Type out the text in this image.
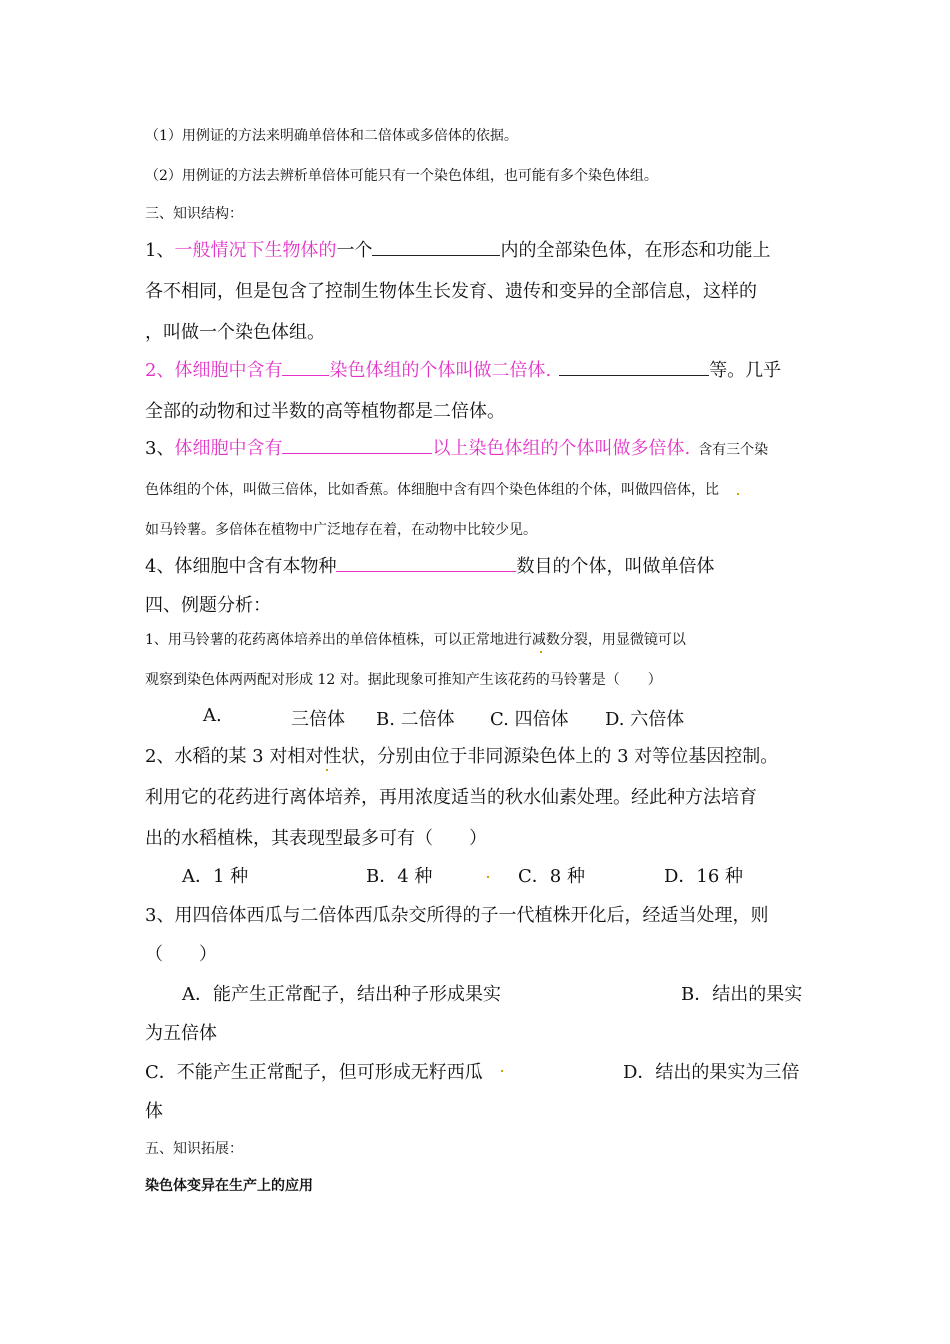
（1）用例证的方法来明确单倍体和二倍体或多倍体的依据。

（2）用例证的方法去辨析单倍体可能只有一个染色体组，也可能有多个染色体组。

三、知识结构：

1、一般情况下生物体的一个	内的全部染色体，在形态和功能上

各不相同，但是包含了控制生物体生长发育、遗传和变异的全部信息，这样的

，叫做一个染色体组。

2、体细胞中含有	染色体组的个体叫做二倍体.	等。几乎

全部的动物和过半数的高等植物都是二倍体。

3、体细胞中含有	以上染色体组的个体叫做多倍体. 含有三个染

色体组的个体，叫做三倍体，比如香蕉。体细胞中含有四个染色体组的个体，叫做四倍体，比

如马铃薯。多倍体在植物中广泛地存在着，在动物中比较少见。

4、体细胞中含有本物种	数目的个体，叫做单倍体

四、例题分析：

1、用马铃薯的花药离体培养出的单倍体植株，可以正常地进行减数分裂，用显微镜可以

观察到染色体两两配对形成 12 对。据此现象可推知产生该花药的马铃薯是（　　）

A.	三倍体 B. 二倍体 C. 四倍体 D. 六倍体

2、水稻的某 3 对相对性状，分别由位于非同源染色体上的 3 对等位基因控制。

利用它的花药进行离体培养，再用浓度适当的秋水仙素处理。经此种方法培育

出的水稻植株，其表现型最多可有（　　）

A．1 种	B．4 种	C．8 种	D．16 种

3、用四倍体西瓜与二倍体西瓜杂交所得的子一代植株开化后，经适当处理，则

（　　）

A．能产生正常配子，结出种子形成果实	B．结出的果实

为五倍体

C．不能产生正常配子，但可形成无籽西瓜	D．结出的果实为三倍

体

五、知识拓展：

染色体变异在生产上的应用
